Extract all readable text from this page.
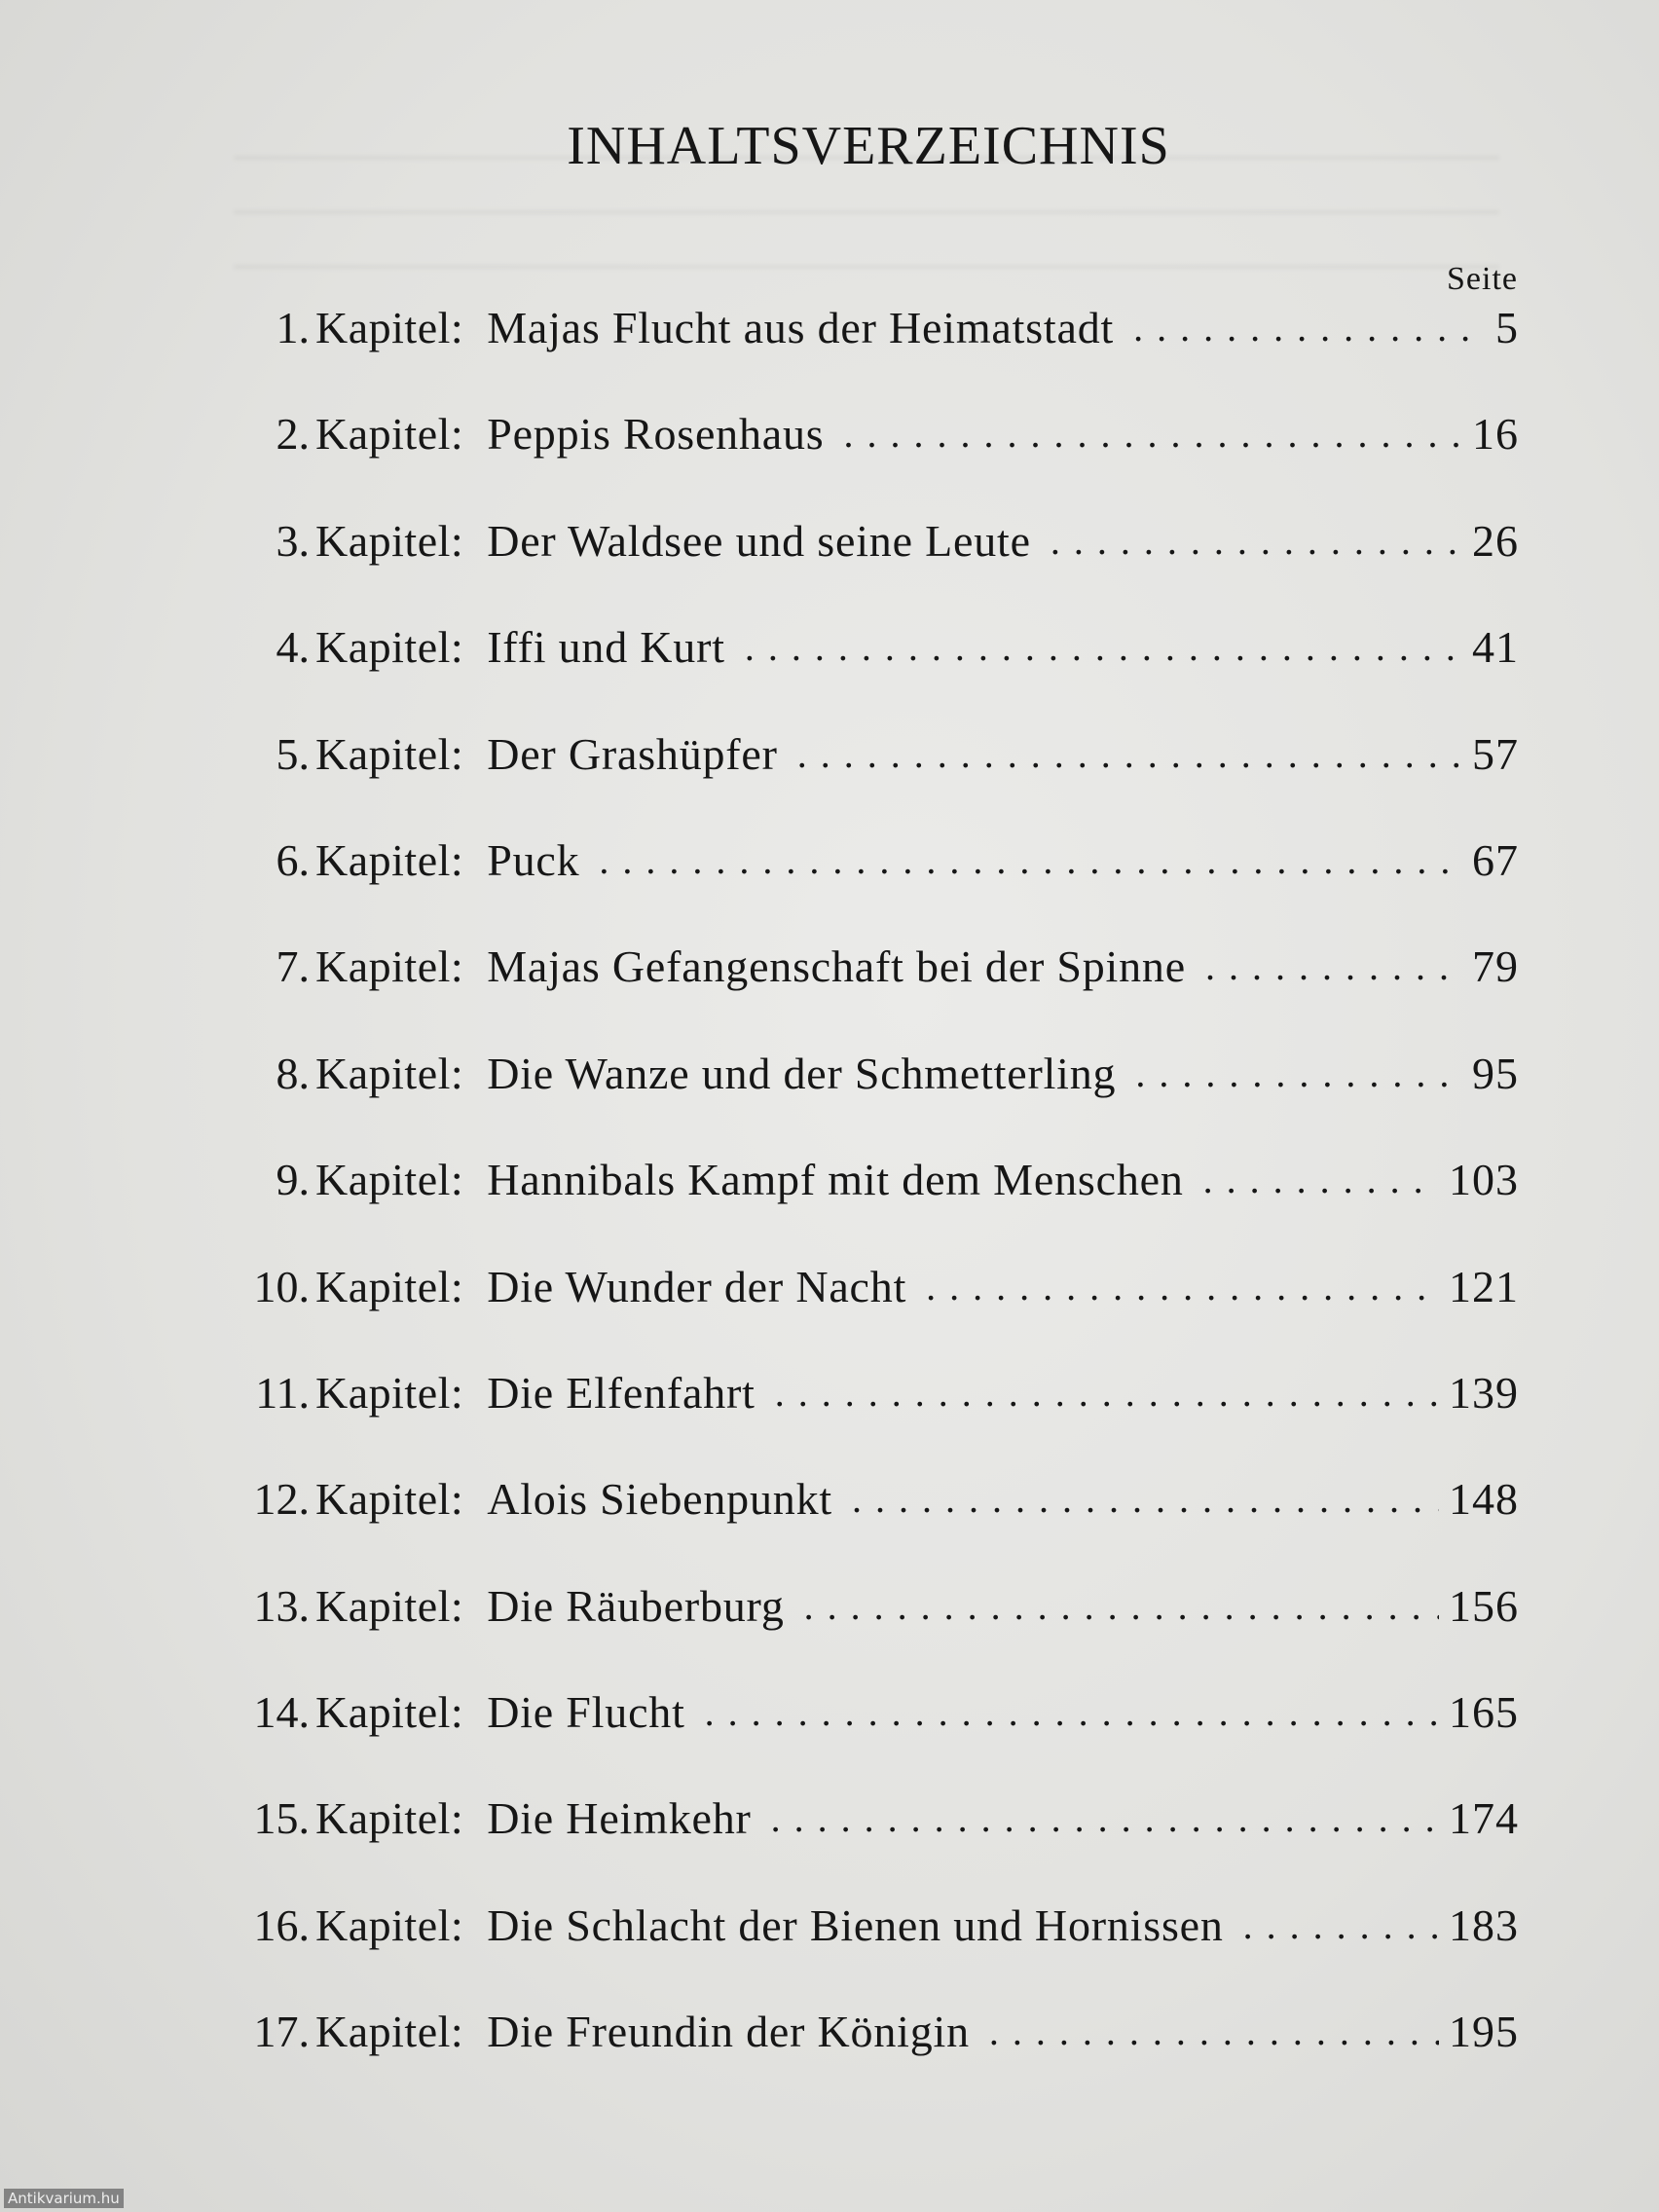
INHALTSVERZEICHNIS
Seite
1. Kapitel: Majas Flucht aus der Heimatstadt . . .	5
2. Kapitel: Peppis Rosenhaus . . .	16
3. Kapitel: Der Waldsee und seine Leute . . .	26
4. Kapitel: Iffi und Kurt . . .	41
5. Kapitel: Der Grashüpfer . . .	57
6. Kapitel: Puck . . .	67
7. Kapitel: Majas Gefangenschaft bei der Spinne . . .	79
8. Kapitel: Die Wanze und der Schmetterling . . .	95
9. Kapitel: Hannibals Kampf mit dem Menschen . . .	103
10. Kapitel: Die Wunder der Nacht . . .	121
11. Kapitel: Die Elfenfahrt . . .	139
12. Kapitel: Alois Siebenpunkt . . .	148
13. Kapitel: Die Räuberburg . . .	156
14. Kapitel: Die Flucht . . .	165
15. Kapitel: Die Heimkehr . . .	174
16. Kapitel: Die Schlacht der Bienen und Hornissen . . .	183
17. Kapitel: Die Freundin der Königin . . .	195
Antikvarium.hu
